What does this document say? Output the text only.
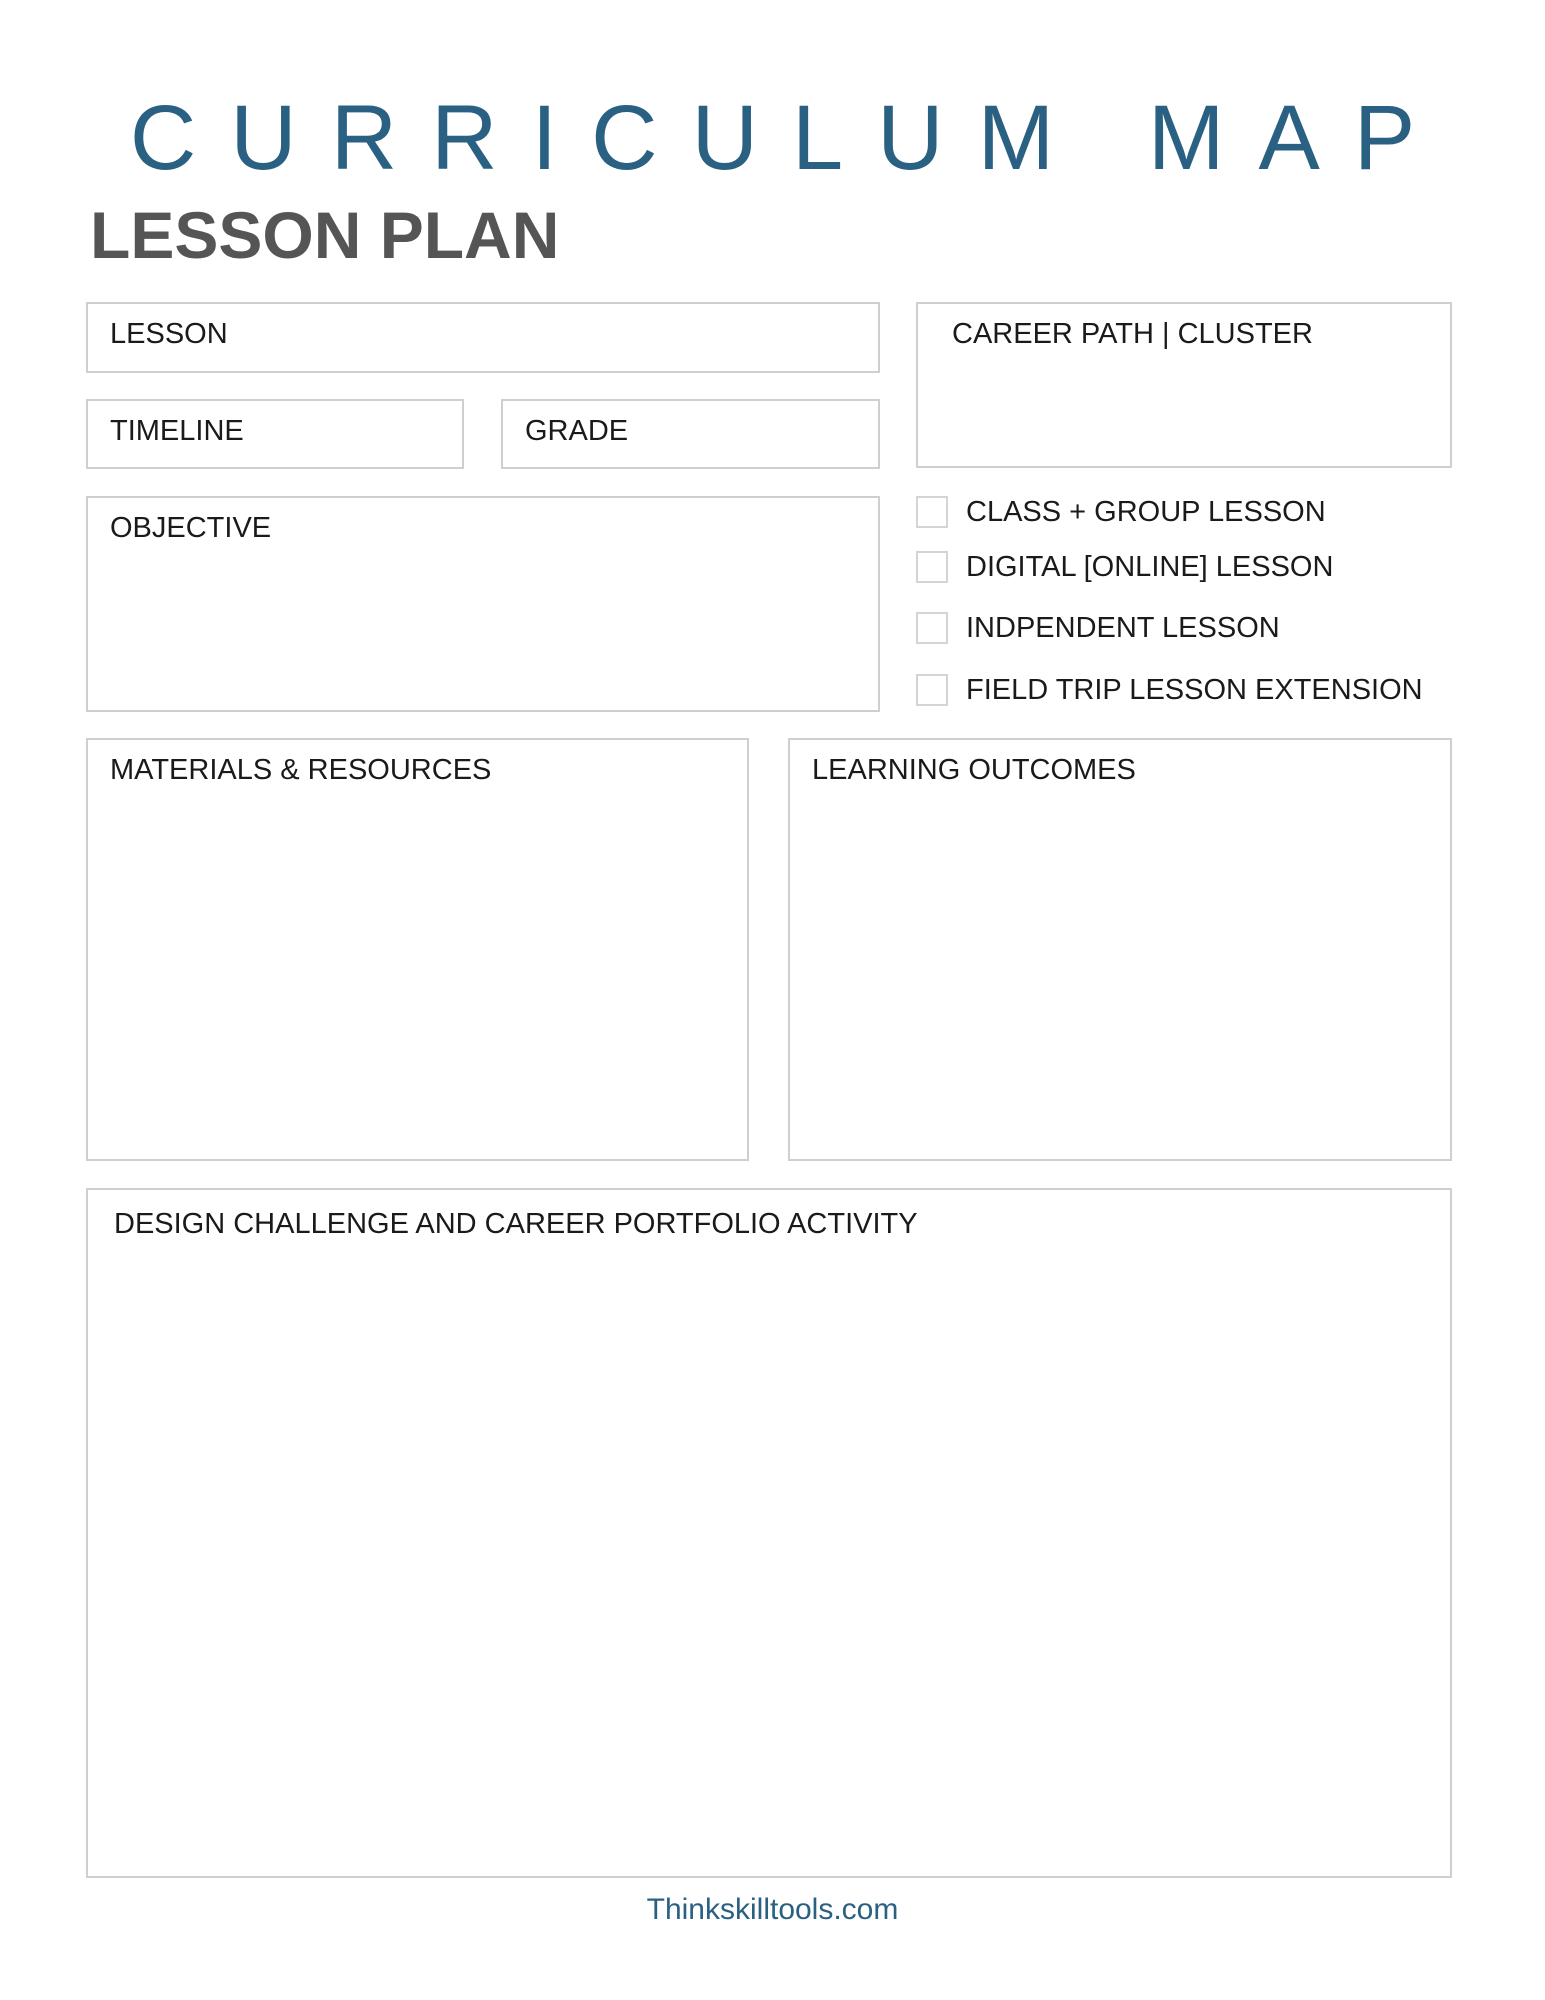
CURRICULUM MAP
LESSON PLAN
LESSON	CAREER PATH | CLUSTER
TIMELINE	GRADE
OBJECTIVE	CLASS + GROUP LESSON
DIGITAL [ONLINE] LESSON
INDPENDENT LESSON
FIELD TRIP LESSON EXTENSION
MATERIALS & RESOURCES	LEARNING OUTCOMES
DESIGN CHALLENGE AND CAREER PORTFOLIO ACTIVITY
Thinkskilltools.com
